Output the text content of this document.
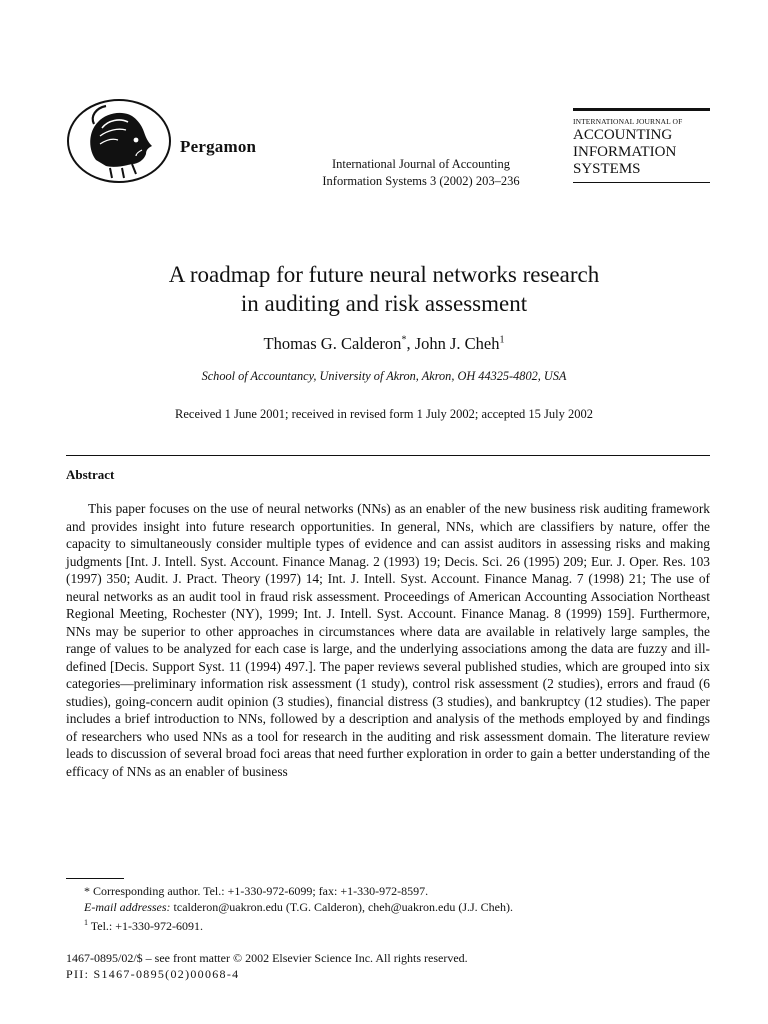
Pergamon
International Journal of Accounting
Information Systems 3 (2002) 203–236
INTERNATIONAL JOURNAL OF
ACCOUNTING
INFORMATION
SYSTEMS
A roadmap for future neural networks research
in auditing and risk assessment
Thomas G. Calderon*, John J. Cheh$^1$
School of Accountancy, University of Akron, Akron, OH 44325-4802, USA
Received 1 June 2001; received in revised form 1 July 2002; accepted 15 July 2002
Abstract
This paper focuses on the use of neural networks (NNs) as an enabler of the new business risk auditing framework and provides insight into future research opportunities. In general, NNs, which are classifiers by nature, offer the capacity to simultaneously consider multiple types of evidence and can assist auditors in assessing risks and making judgments [Int. J. Intell. Syst. Account. Finance Manag. 2 (1993) 19; Decis. Sci. 26 (1995) 209; Eur. J. Oper. Res. 103 (1997) 350; Audit. J. Pract. Theory (1997) 14; Int. J. Intell. Syst. Account. Finance Manag. 7 (1998) 21; The use of neural networks as an audit tool in fraud risk assessment. Proceedings of American Accounting Association Northeast Regional Meeting, Rochester (NY), 1999; Int. J. Intell. Syst. Account. Finance Manag. 8 (1999) 159]. Furthermore, NNs may be superior to other approaches in circumstances where data are available in relatively large samples, the range of values to be analyzed for each case is large, and the underlying associations among the data are fuzzy and ill-defined [Decis. Support Syst. 11 (1994) 497.]. The paper reviews several published studies, which are grouped into six categories—preliminary information risk assessment (1 study), control risk assessment (2 studies), errors and fraud (6 studies), going-concern audit opinion (3 studies), financial distress (3 studies), and bankruptcy (12 studies). The paper includes a brief introduction to NNs, followed by a description and analysis of the methods employed by and findings of researchers who used NNs as a tool for research in the auditing and risk assessment domain. The literature review leads to discussion of several broad foci areas that need further exploration in order to gain a better understanding of the efficacy of NNs as an enabler of business
* Corresponding author. Tel.: +1-330-972-6099; fax: +1-330-972-8597.
E-mail addresses: tcalderon@uakron.edu (T.G. Calderon), cheh@uakron.edu (J.J. Cheh).
$^1$ Tel.: +1-330-972-6091.
1467-0895/02/$ – see front matter © 2002 Elsevier Science Inc. All rights reserved.
PII: S1467-0895(02)00068-4
